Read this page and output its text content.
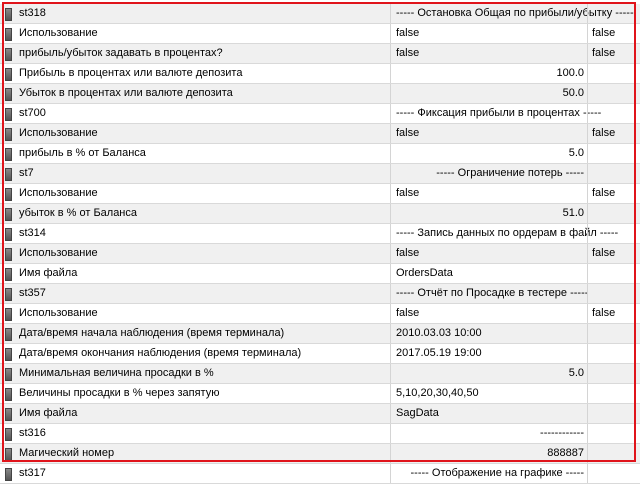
st318	----- Остановка Общая по прибыли/убытку -----
Использование	false	false
прибыль/убыток задавать в процентах?	false	false
Прибыль в процентах или валюте депозита	100.0
Убыток в процентах или валюте депозита	50.0
st700	----- Фиксация прибыли в процентах -----
Использование	false	false
прибыль в % от Баланса	5.0
st7	----- Ограничение потерь -----
Использование	false	false
убыток в % от Баланса	51.0
st314	----- Запись данных по ордерам в файл -----
Использование	false	false
Имя файла	OrdersData
st357	----- Отчёт по Просадке в тестере -----
Использование	false	false
Дата/время начала наблюдения (время терминала)	2010.03.03 10:00
Дата/время окончания наблюдения (время терминала)	2017.05.19 19:00
Минимальная величина просадки в %	5.0
Величины просадки в % через запятую	5,10,20,30,40,50
Имя файла	SagData
st316	------------
Магический номер	888887
st317	----- Отображение на графике -----
